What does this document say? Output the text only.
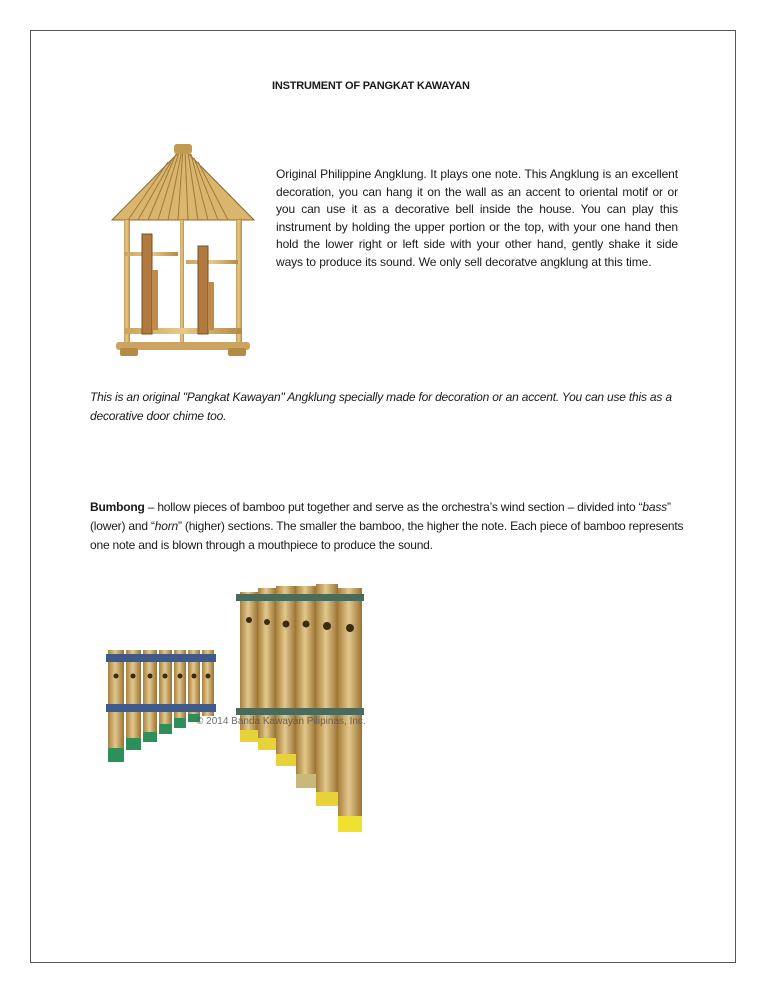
INSTRUMENT OF PANGKAT KAWAYAN
Original Philippine Angklung. It plays one note. This Angklung is an excellent decoration, you can hang it on the wall as an accent to oriental motif or or you can use it as a decorative bell inside the house. You can play this instrument by holding the upper portion or the top, with your one hand then hold the lower right or left side with your other hand, gently shake it side ways to produce its sound. We only sell decoratve angklung at this time.
This is an original "Pangkat Kawayan" Angklung specially made for decoration or an accent. You can use this as a decorative door chime too.
Bumbong – hollow pieces of bamboo put together and serve as the orchestra’s wind section – divided into “bass” (lower) and “horn” (higher) sections. The smaller the bamboo, the higher the note. Each piece of bamboo represents one note and is blown through a mouthpiece to produce the sound.
© 2014 Banda Kawayan Pilipinas, Inc.
